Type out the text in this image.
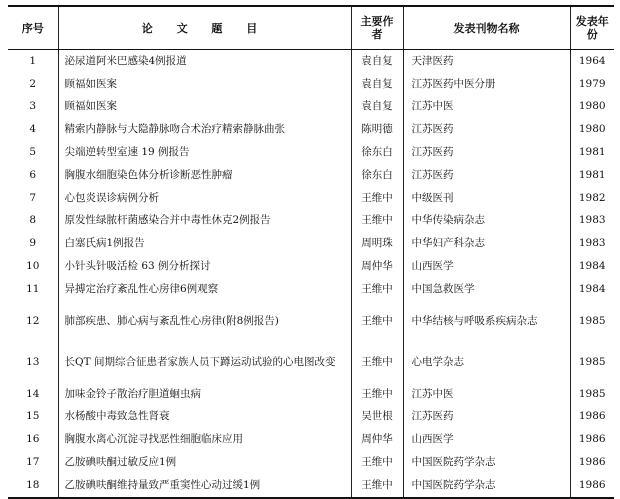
序号	论 文 题 目	主要作者	发表刊物名称	发表年份
1	泌尿道阿米巴感染4例报道	袁自复	天津医药	1964
2	顾福如医案	袁自复	江苏医药中医分册	1979
3	顾福如医案	袁自复	江苏中医	1980
4	精索内静脉与大隐静脉吻合术治疗精索静脉曲张	陈明德	江苏医药	1980
5	尖端逆转型室速 19 例报告	徐东白	江苏医药	1981
6	胸腹水细胞染色体分析诊断恶性肿瘤	徐东白	江苏医药	1981
7	心包炎误诊病例分析	王维中	中级医刊	1982
8	原发性绿脓杆菌感染合并中毒性休克2例报告	王维中	中华传染病杂志	1983
9	白塞氏病1例报告	周明珠	中华妇产科杂志	1983
10	小针头针吸活检 63 例分析探讨	周仲华	山西医学	1984
11	异搏定治疗紊乱性心房律6例观察	王维中	中国急救医学	1984
12	肺部疾患、肺心病与紊乱性心房律(附8例报告)	王维中	中华结核与呼吸系疾病杂志	1985
13	长QT 间期综合征患者家族人员下蹲运动试验的心电图改变	王维中	心电学杂志	1985
14	加味金铃子散治疗胆道蛔虫病	王维中	江苏中医	1985
15	水杨酸中毒致急性肾衰	吴世根	江苏医药	1986
16	胸腹水离心沉淀寻找恶性细胞临床应用	周仲华	山西医学	1986
17	乙胺碘呋酮过敏反应1例	王维中	中国医院药学杂志	1986
18	乙胺碘呋酮维持量致严重窦性心动过缓1例	王维中	中国医院药学杂志	1986
